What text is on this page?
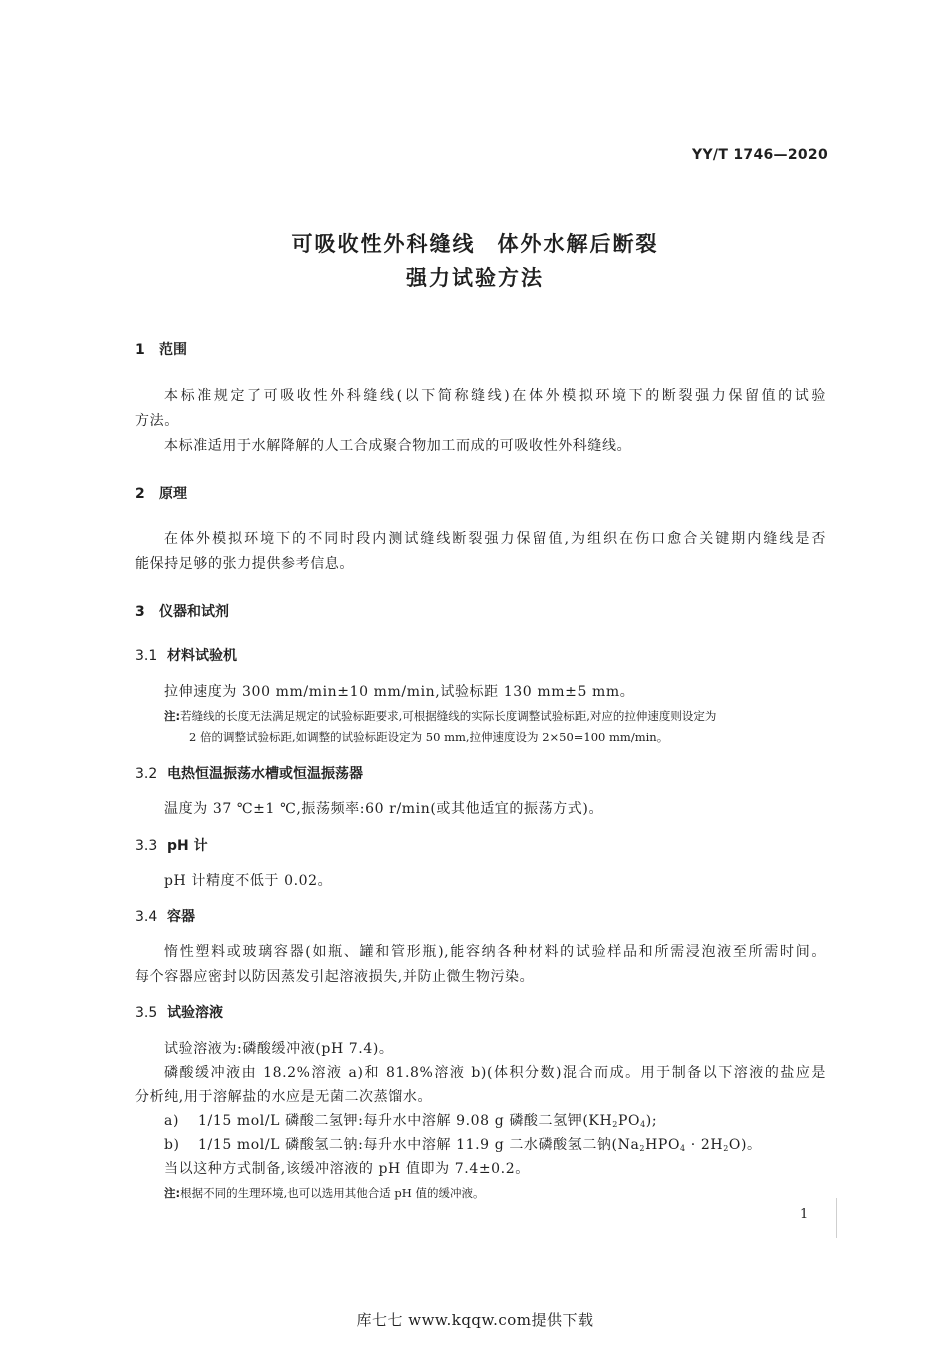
YY/T 1746—2020
可吸收性外科缝线 体外水解后断裂
强力试验方法
1 范围
本标准规定了可吸收性外科缝线(以下简称缝线)在体外模拟环境下的断裂强力保留值的试验
方法。
本标准适用于水解降解的人工合成聚合物加工而成的可吸收性外科缝线。
2 原理
在体外模拟环境下的不同时段内测试缝线断裂强力保留值,为组织在伤口愈合关键期内缝线是否
能保持足够的张力提供参考信息。
3 仪器和试剂
3.1 材料试验机
拉伸速度为 300 mm/min±10 mm/min,试验标距 130 mm±5 mm。
注:若缝线的长度无法满足规定的试验标距要求,可根据缝线的实际长度调整试验标距,对应的拉伸速度则设定为
2 倍的调整试验标距,如调整的试验标距设定为 50 mm,拉伸速度设为 2×50=100 mm/min。
3.2 电热恒温振荡水槽或恒温振荡器
温度为 37 ℃±1 ℃,振荡频率:60 r/min(或其他适宜的振荡方式)。
3.3 pH 计
pH 计精度不低于 0.02。
3.4 容器
惰性塑料或玻璃容器(如瓶、罐和管形瓶),能容纳各种材料的试验样品和所需浸泡液至所需时间。
每个容器应密封以防因蒸发引起溶液损失,并防止微生物污染。
3.5 试验溶液
试验溶液为:磷酸缓冲液(pH 7.4)。
磷酸缓冲液由 18.2%溶液 a)和 81.8%溶液 b)(体积分数)混合而成。用于制备以下溶液的盐应是
分析纯,用于溶解盐的水应是无菌二次蒸馏水。
a) 1/15 mol/L 磷酸二氢钾:每升水中溶解 9.08 g 磷酸二氢钾$(KH_2PO_4)$;
b) 1/15 mol/L 磷酸氢二钠:每升水中溶解 11.9 g 二水磷酸氢二钠$(Na_2HPO_4 \cdot 2H_2O)$。
当以这种方式制备,该缓冲溶液的 pH 值即为 7.4±0.2。
注:根据不同的生理环境,也可以选用其他合适 pH 值的缓冲液。
1
库七七 www.kqqw.com提供下载
